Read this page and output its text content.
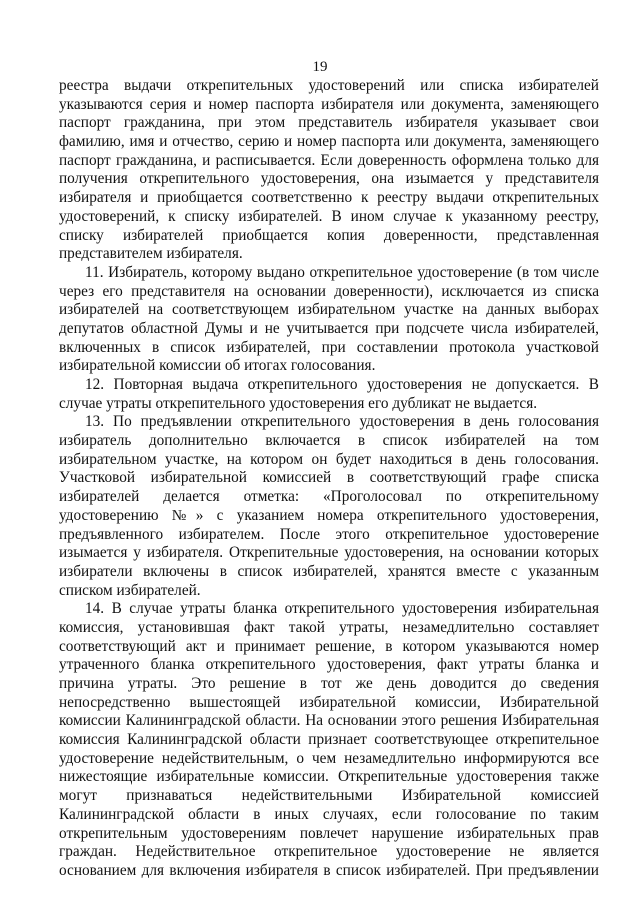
19
реестра выдачи открепительных удостоверений или списка избирателей
указываются серия и номер паспорта избирателя или документа, заменяющего
паспорт гражданина, при этом представитель избирателя указывает свои
фамилию, имя и отчество, серию и номер паспорта или документа, заменяющего
паспорт гражданина, и расписывается. Если доверенность оформлена только для
получения открепительного удостоверения, она изымается у представителя
избирателя и приобщается соответственно к реестру выдачи открепительных
удостоверений, к списку избирателей. В ином случае к указанному реестру,
списку избирателей приобщается копия доверенности, представленная
представителем избирателя.
11. Избиратель, которому выдано открепительное удостоверение (в том числе
через его представителя на основании доверенности), исключается из списка
избирателей на соответствующем избирательном участке на данных выборах
депутатов областной Думы и не учитывается при подсчете числа избирателей,
включенных в список избирателей, при составлении протокола участковой
избирательной комиссии об итогах голосования.
12. Повторная выдача открепительного удостоверения не допускается. В
случае утраты открепительного удостоверения его дубликат не выдается.
13. По предъявлении открепительного удостоверения в день голосования
избиратель дополнительно включается в список избирателей на том
избирательном участке, на котором он будет находиться в день голосования.
Участковой избирательной комиссией в соответствующий графе списка
избирателей делается отметка: «Проголосовал по открепительному
удостоверению №» с указанием номера открепительного удостоверения,
предъявленного избирателем. После этого открепительное удостоверение
изымается у избирателя. Открепительные удостоверения, на основании которых
избиратели включены в список избирателей, хранятся вместе с указанным
списком избирателей.
14. В случае утраты бланка открепительного удостоверения избирательная
комиссия, установившая факт такой утраты, незамедлительно составляет
соответствующий акт и принимает решение, в котором указываются номер
утраченного бланка открепительного удостоверения, факт утраты бланка и
причина утраты. Это решение в тот же день доводится до сведения
непосредственно вышестоящей избирательной комиссии, Избирательной
комиссии Калининградской области. На основании этого решения Избирательная
комиссия Калининградской области признает соответствующее открепительное
удостоверение недействительным, о чем незамедлительно информируются все
нижестоящие избирательные комиссии. Открепительные удостоверения также
могут признаваться недействительными Избирательной комиссией
Калининградской области в иных случаях, если голосование по таким
открепительным удостоверениям повлечет нарушение избирательных прав
граждан. Недействительное открепительное удостоверение не является
основанием для включения избирателя в список избирателей. При предъявлении
